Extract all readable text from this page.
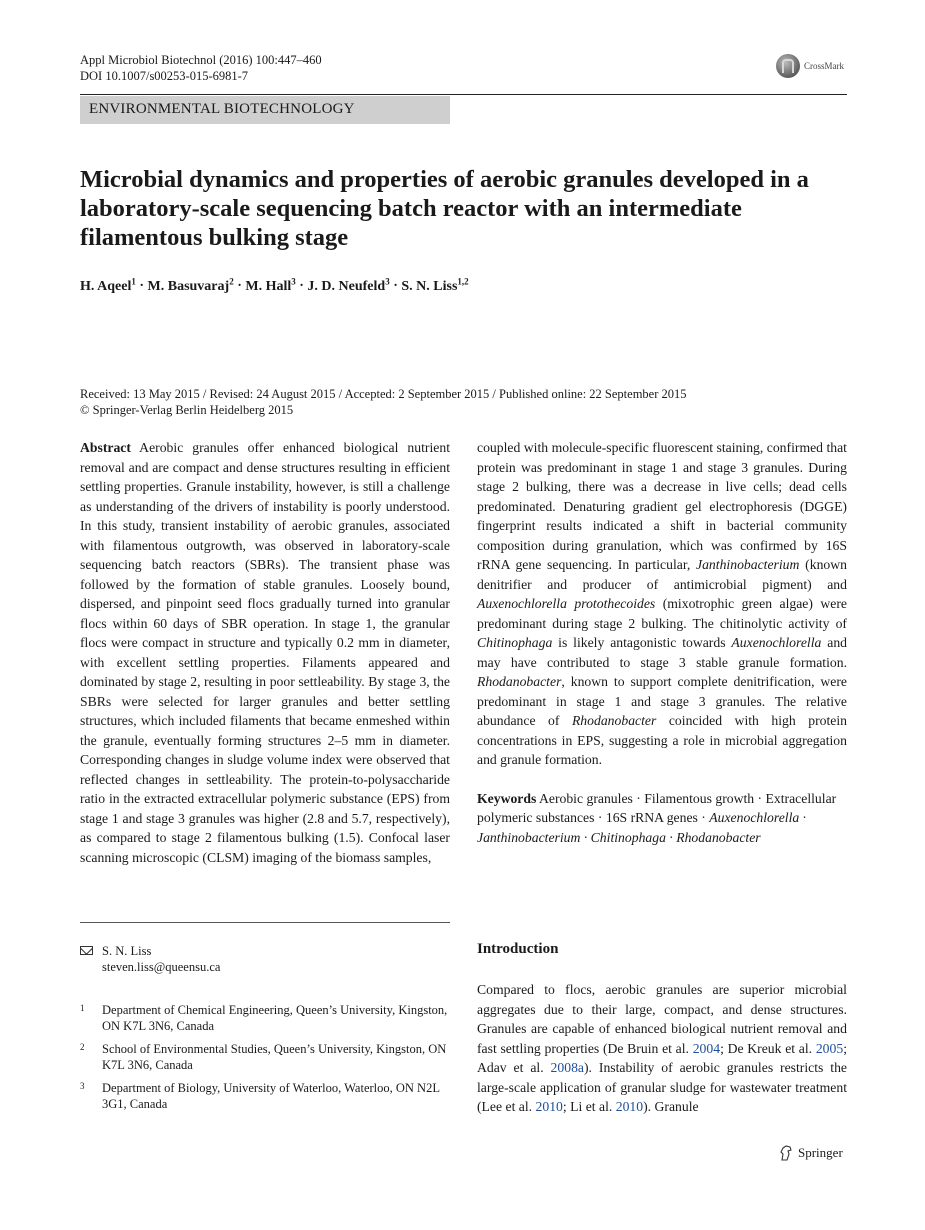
Appl Microbiol Biotechnol (2016) 100:447–460
DOI 10.1007/s00253-015-6981-7
CrossMark
ENVIRONMENTAL BIOTECHNOLOGY
Microbial dynamics and properties of aerobic granules developed in a laboratory-scale sequencing batch reactor with an intermediate filamentous bulking stage
H. Aqeel$^1$ · M. Basuvaraj$^2$ · M. Hall$^3$ · J. D. Neufeld$^3$ · S. N. Liss$^{1,2}$
Received: 13 May 2015 / Revised: 24 August 2015 / Accepted: 2 September 2015 / Published online: 22 September 2015
© Springer-Verlag Berlin Heidelberg 2015
Abstract Aerobic granules offer enhanced biological nutrient removal and are compact and dense structures resulting in efficient settling properties. Granule instability, however, is still a challenge as understanding of the drivers of instability is poorly understood. In this study, transient instability of aerobic granules, associated with filamentous outgrowth, was observed in laboratory-scale sequencing batch reactors (SBRs). The transient phase was followed by the formation of stable granules. Loosely bound, dispersed, and pinpoint seed flocs gradually turned into granular flocs within 60 days of SBR operation. In stage 1, the granular flocs were compact in structure and typically 0.2 mm in diameter, with excellent settling properties. Filaments appeared and dominated by stage 2, resulting in poor settleability. By stage 3, the SBRs were selected for larger granules and better settling structures, which included filaments that became enmeshed within the granule, eventually forming structures 2–5 mm in diameter. Corresponding changes in sludge volume index were observed that reflected changes in settleability. The protein-to-polysaccharide ratio in the extracted extracellular polymeric substance (EPS) from stage 1 and stage 3 granules was higher (2.8 and 5.7, respectively), as compared to stage 2 filamentous bulking (1.5). Confocal laser scanning microscopic (CLSM) imaging of the biomass samples,
coupled with molecule-specific fluorescent staining, confirmed that protein was predominant in stage 1 and stage 3 granules. During stage 2 bulking, there was a decrease in live cells; dead cells predominated. Denaturing gradient gel electrophoresis (DGGE) fingerprint results indicated a shift in bacterial community composition during granulation, which was confirmed by 16S rRNA gene sequencing. In particular, Janthinobacterium (known denitrifier and producer of antimicrobial pigment) and Auxenochlorella protothecoides (mixotrophic green algae) were predominant during stage 2 bulking. The chitinolytic activity of Chitinophaga is likely antagonistic towards Auxenochlorella and may have contributed to stage 3 stable granule formation. Rhodanobacter, known to support complete denitrification, were predominant in stage 1 and stage 3 granules. The relative abundance of Rhodanobacter coincided with high protein concentrations in EPS, suggesting a role in microbial aggregation and granule formation.
Keywords Aerobic granules · Filamentous growth · Extracellular polymeric substances · 16S rRNA genes · Auxenochlorella · Janthinobacterium · Chitinophaga · Rhodanobacter
S. N. Liss
steven.liss@queensu.ca
1	Department of Chemical Engineering, Queen’s University, Kingston, ON K7L 3N6, Canada
2	School of Environmental Studies, Queen’s University, Kingston, ON K7L 3N6, Canada
3	Department of Biology, University of Waterloo, Waterloo, ON N2L 3G1, Canada
Introduction
Compared to flocs, aerobic granules are superior microbial aggregates due to their large, compact, and dense structures. Granules are capable of enhanced biological nutrient removal and fast settling properties (De Bruin et al. 2004; De Kreuk et al. 2005; Adav et al. 2008a). Instability of aerobic granules restricts the large-scale application of granular sludge for wastewater treatment (Lee et al. 2010; Li et al. 2010). Granule
Springer
